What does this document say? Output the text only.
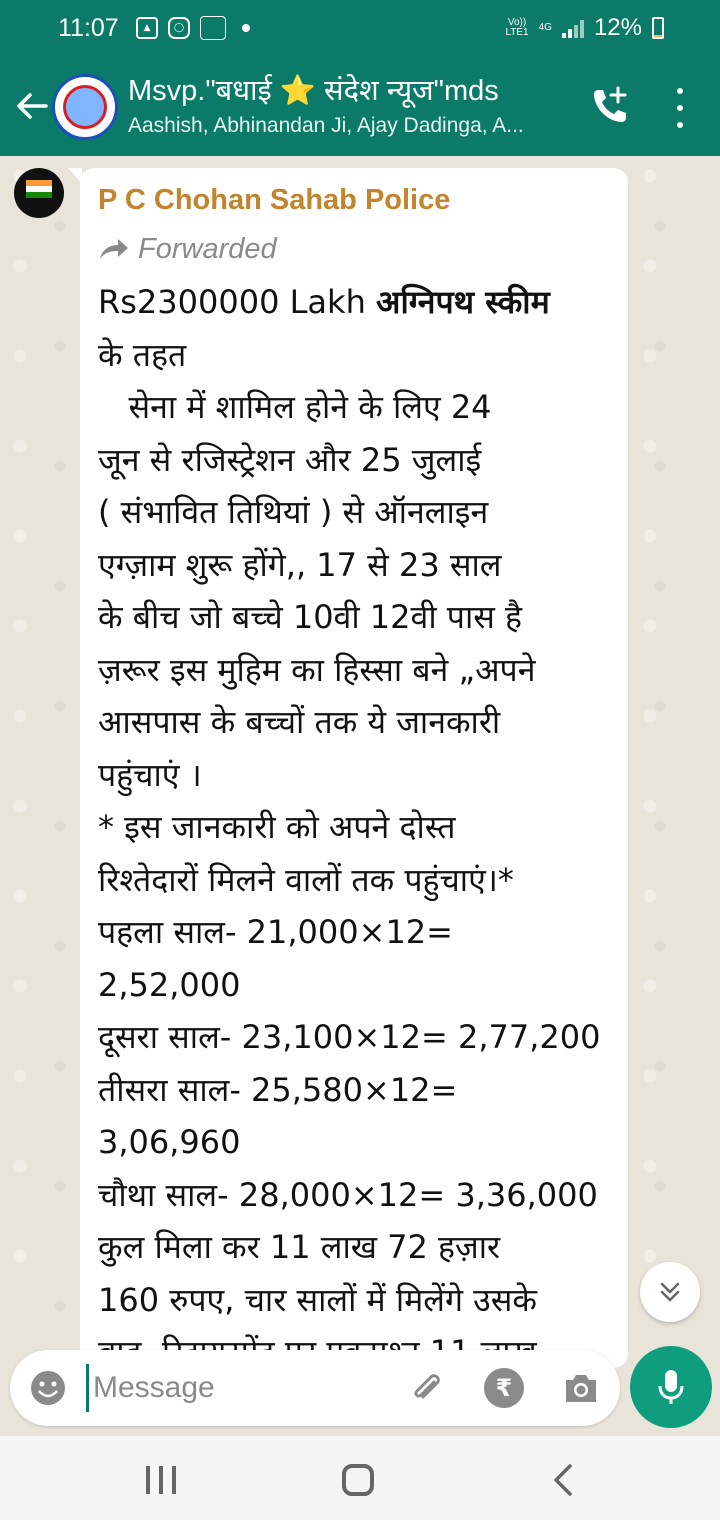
11:07	▲	◯	Vo))
LTE1 4G 12%
Msvp."बधाई ⭐ संदेश न्यूज"mds
Aashish, Abhinandan Ji, Ajay Dadinga, A...
P C Chohan Sahab Police
Forwarded
Rs2300000 Lakh अग्निपथ स्कीम
के तहत
सेना में शामिल होने के लिए 24
जून से रजिस्ट्रेशन और 25 जुलाई
( संभावित तिथियां ) से ऑनलाइन
एग्ज़ाम शुरू होंगे,, 17 से 23 साल
के बीच जो बच्चे 10वी 12वी पास है
ज़रूर इस मुहिम का हिस्सा बने „अपने
आसपास के बच्चों तक ये जानकारी
पहुंचाएं ।
* इस जानकारी को अपने दोस्त
रिश्तेदारों मिलने वालों तक पहुंचाएं।*
पहला साल- 21,000×12=
2,52,000
दूसरा साल- 23,100×12= 2,77,200
तीसरा साल- 25,580×12=
3,06,960
चौथा साल- 28,000×12= 3,36,000
कुल मिला कर 11 लाख 72 हज़ार
160 रुपए, चार सालों में मिलेंगे उसके

Message
₹
